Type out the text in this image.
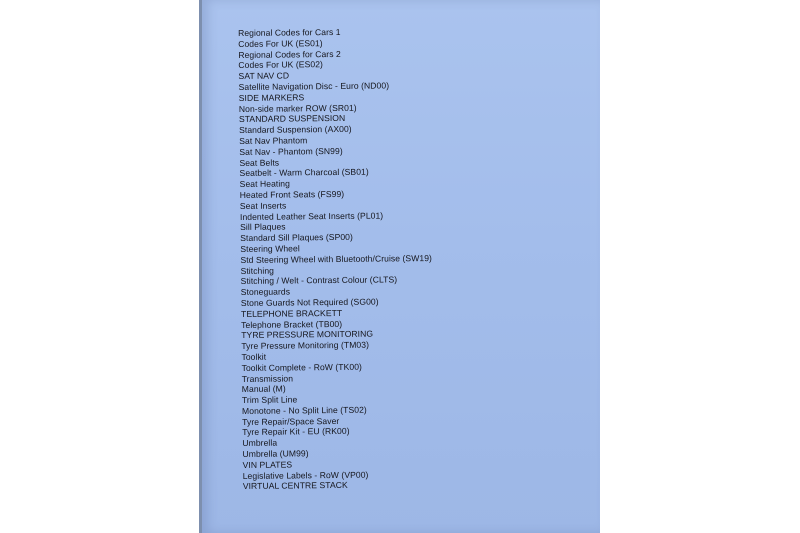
Regional Codes for Cars 1
Codes For UK (ES01)
Regional Codes for Cars 2
Codes For UK (ES02)
SAT NAV CD
Satellite Navigation Disc - Euro (ND00)
SIDE MARKERS
Non-side marker ROW (SR01)
STANDARD SUSPENSION
Standard Suspension (AX00)
Sat Nav Phantom
Sat Nav - Phantom (SN99)
Seat Belts
Seatbelt - Warm Charcoal (SB01)
Seat Heating
Heated Front Seats (FS99)
Seat Inserts
Indented Leather Seat Inserts (PL01)
Sill Plaques
Standard Sill Plaques (SP00)
Steering Wheel
Std Steering Wheel with Bluetooth/Cruise (SW19)
Stitching
Stitching / Welt - Contrast Colour (CLTS)
Stoneguards
Stone Guards Not Required (SG00)
TELEPHONE BRACKETT
Telephone Bracket (TB00)
TYRE PRESSURE MONITORING
Tyre Pressure Monitoring (TM03)
Toolkit
Toolkit Complete - RoW (TK00)
Transmission
Manual (M)
Trim Split Line
Monotone - No Split Line (TS02)
Tyre Repair/Space Saver
Tyre Repair Kit - EU (RK00)
Umbrella
Umbrella (UM99)
VIN PLATES
Legislative Labels - RoW (VP00)
VIRTUAL CENTRE STACK
